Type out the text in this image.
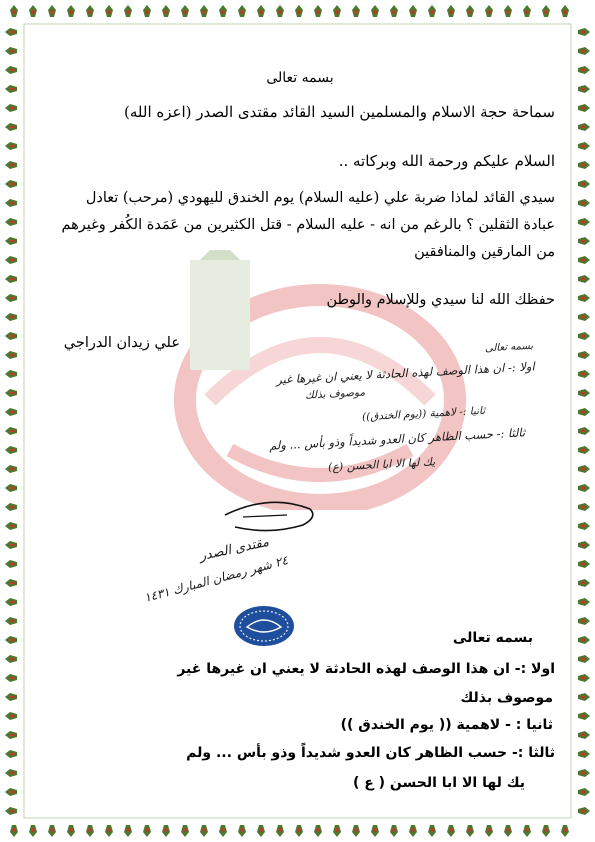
بسمه تعالى
سماحة حجة الاسلام والمسلمين السيد القائد مقتدى الصدر (اعزه الله)
السلام عليكم ورحمة الله وبركاته ..
سيدي القائد لماذا ضربة علي (عليه السلام) يوم الخندق لليهودي (مرحب) تعادل
عبادة الثقلين ؟ بالرغم من انه - عليه السلام - قتل الكثيرين من عَمَدة الكُفر وغيرهم
من المارقين والمنافقين
حفظك الله لنا سيدي وللإسلام والوطن
علي زيدان الدراجي	بسمه تعالى
اولا :- ان هذا الوصف لهذه الحادثة لا يعني ان غيرها غير
موصوف بذلك
ثانيا :- لاهمية ((يوم الخندق))
ثالثا :- حسب الظاهر كان العدو شديداً وذو بأس ... ولم
يك لها الا ابا الحسن (ع)
مقتدى الصدر
٢٤ شهر رمضان المبارك ١٤٣١
بسمه تعالى
اولا :- ان هذا الوصف لهذه الحادثة لا يعني ان غيرها غير
موصوف بذلك
ثانيا : - لاهمية (( يوم الخندق ))
ثالثا :- حسب الظاهر كان العدو شديداً وذو بأس ... ولم
يك لها الا ابا الحسن ( ع )
